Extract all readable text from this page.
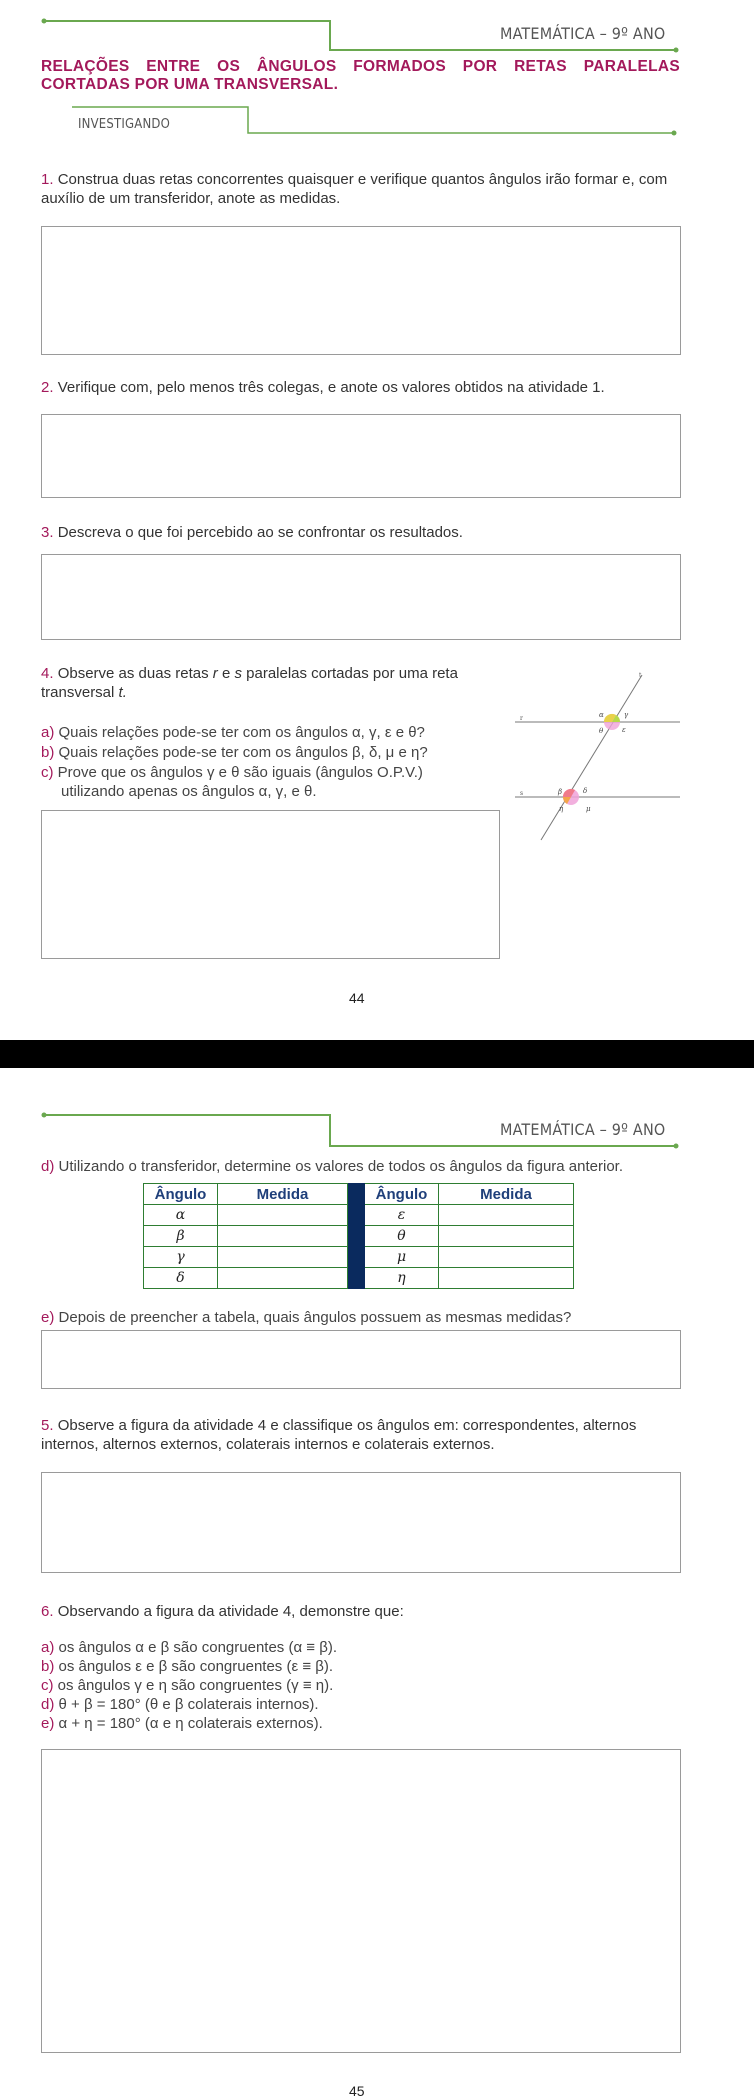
t
r
s
α	γ
θ	ε
β	δ
η	μ
MATEMÁTICA – 9º ANO
RELAÇÕES ENTRE OS ÂNGULOS FORMADOS POR RETAS PARALELAS CORTADAS POR UMA TRANSVERSAL.
INVESTIGANDO
1. Construa duas retas concorrentes quaisquer e verifique quantos ângulos irão formar e, com auxílio de um transferidor, anote as medidas.
2. Verifique com, pelo menos três colegas, e anote os valores obtidos na atividade 1.
3. Descreva o que foi percebido ao se confrontar os resultados.
4. Observe as duas retas r e s paralelas cortadas por uma reta
transversal t.
a) Quais relações pode-se ter com os ângulos α, γ, ε e θ?
b) Quais relações pode-se ter com os ângulos β, δ, μ e η?
c) Prove que os ângulos γ e θ são iguais (ângulos O.P.V.)
utilizando apenas os ângulos α, γ, e θ.
44
MATEMÁTICA – 9º ANO
d) Utilizando o transferidor, determine os valores de todos os ângulos da figura anterior.
Ângulo	Medida		Ângulo	Medida
α			ε	
β			θ	
γ			μ	
δ			η	
e) Depois de preencher a tabela, quais ângulos possuem as mesmas medidas?
5. Observe a figura da atividade 4 e classifique os ângulos em: correspondentes, alternos internos, alternos externos, colaterais internos e colaterais externos.
6. Observando a figura da atividade 4, demonstre que:
a) os ângulos α e β são congruentes (α ≡ β).
b) os ângulos ε e β são congruentes (ε ≡ β).
c) os ângulos γ e η são congruentes (γ ≡ η).
d) θ + β = 180° (θ e β colaterais internos).
e) α + η = 180° (α e η colaterais externos).
45
